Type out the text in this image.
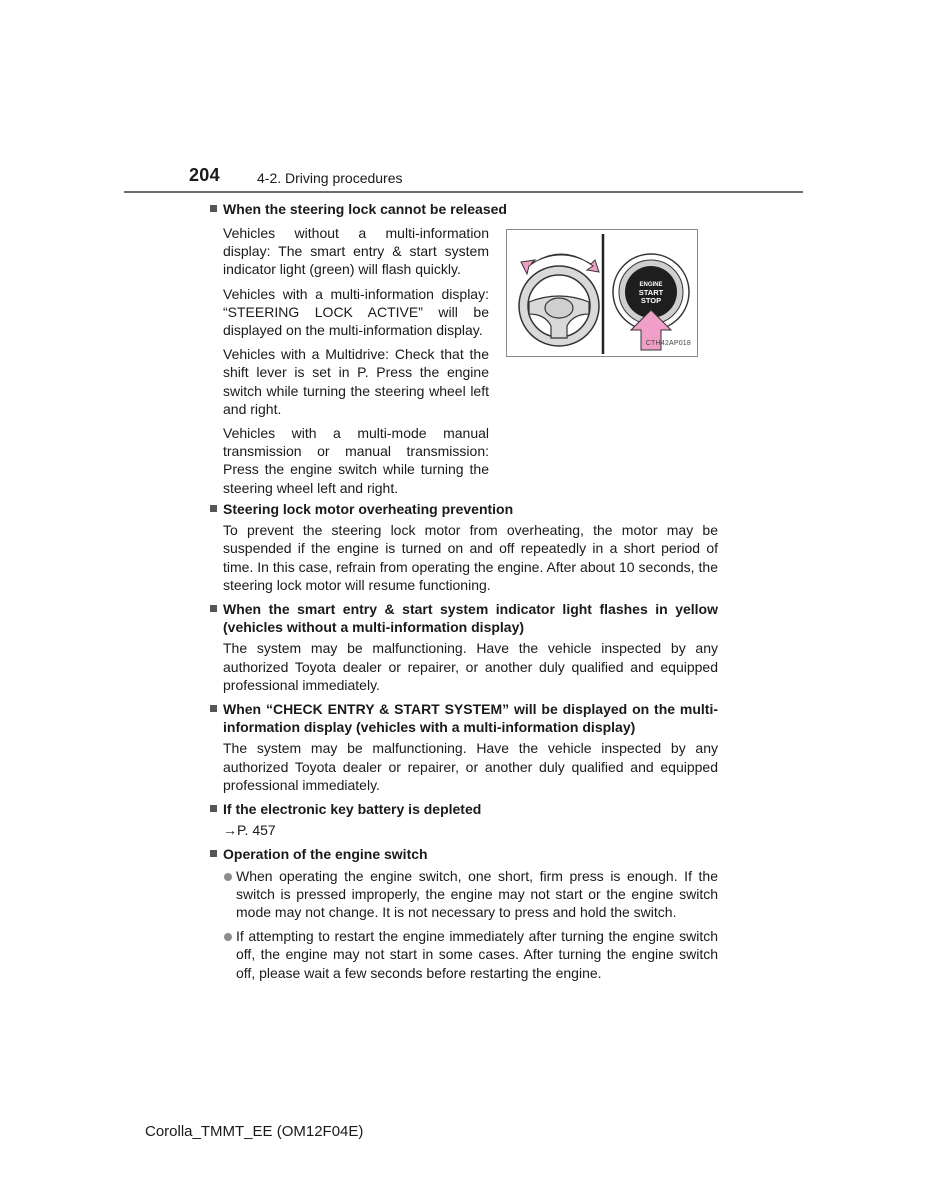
204	4-2. Driving procedures
When the steering lock cannot be released

Vehicles without a multi-information display: The smart entry & start system indicator light (green) will flash quickly.

Vehicles with a multi-information display: “STEERING LOCK ACTIVE” will be displayed on the multi-information display.

Vehicles with a Multidrive: Check that the shift lever is set in P. Press the engine switch while turning the steering wheel left and right.

Vehicles with a multi-mode manual transmission or manual transmission: Press the engine switch while turning the steering wheel left and right.

ENGINE
START
STOP
CTH42AP018
Steering lock motor overheating prevention

To prevent the steering lock motor from overheating, the motor may be suspended if the engine is turned on and off repeatedly in a short period of time. In this case, refrain from operating the engine. After about 10 seconds, the steering lock motor will resume functioning.

When the smart entry & start system indicator light flashes in yellow (vehicles without a multi-information display)

The system may be malfunctioning. Have the vehicle inspected by any authorized Toyota dealer or repairer, or another duly qualified and equipped professional immediately.

When “CHECK ENTRY & START SYSTEM” will be displayed on the multi-information display (vehicles with a multi-information display)

The system may be malfunctioning. Have the vehicle inspected by any authorized Toyota dealer or repairer, or another duly qualified and equipped professional immediately.

If the electronic key battery is depleted

→P. 457

Operation of the engine switch
When operating the engine switch, one short, firm press is enough. If the switch is pressed improperly, the engine may not start or the engine switch mode may not change. It is not necessary to press and hold the switch.
If attempting to restart the engine immediately after turning the engine switch off, the engine may not start in some cases. After turning the engine switch off, please wait a few seconds before restarting the engine.
Corolla_TMMT_EE (OM12F04E)
